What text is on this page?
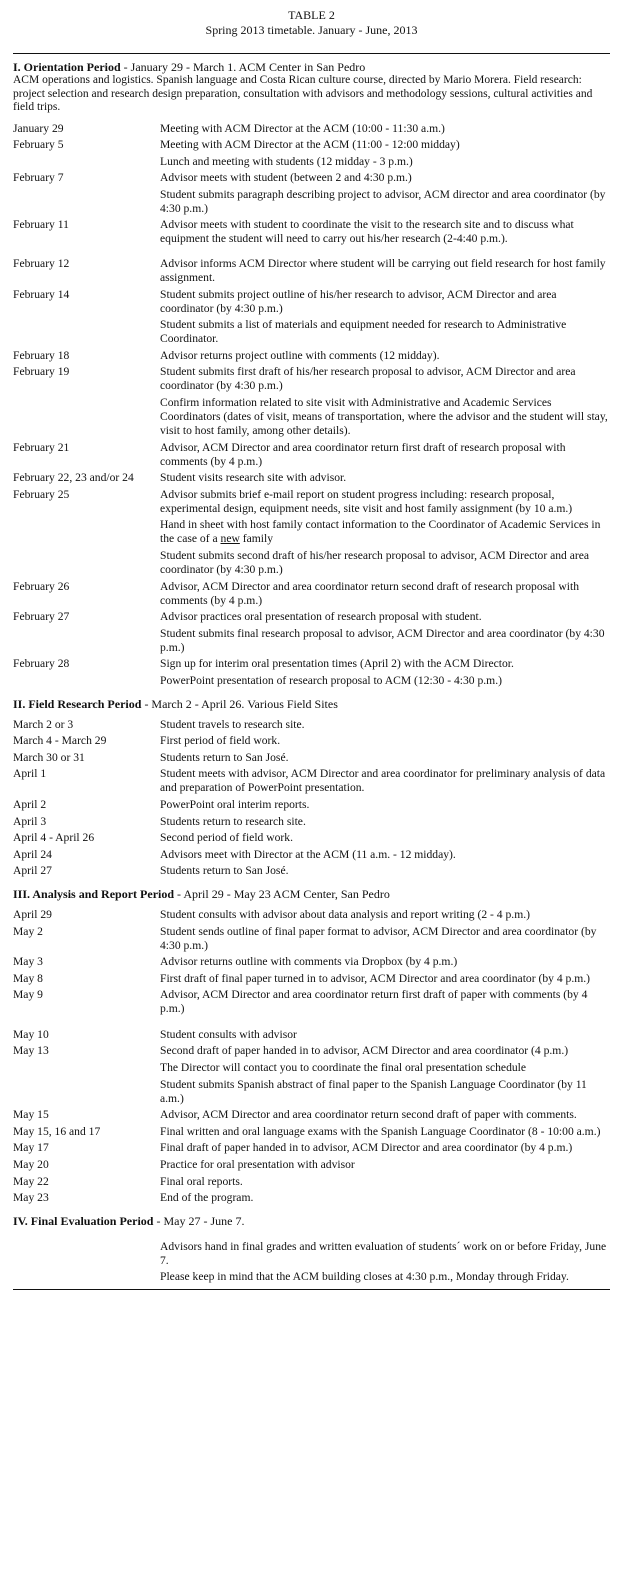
TABLE 2
Spring 2013 timetable. January - June, 2013
I. Orientation Period - January 29 - March 1. ACM Center in San Pedro
ACM operations and logistics. Spanish language and Costa Rican culture course, directed by Mario Morera. Field research: project selection and research design preparation, consultation with advisors and methodology sessions, cultural activities and field trips.
January 29	Meeting with ACM Director at the ACM (10:00 - 11:30 a.m.)
February 5	Meeting with ACM Director at the ACM (11:00 - 12:00 midday)
Lunch and meeting with students (12 midday - 3 p.m.)
February 7	Advisor meets with student (between 2 and 4:30 p.m.)
Student submits paragraph describing project to advisor, ACM director and area coordinator (by 4:30 p.m.)
February 11	Advisor meets with student to coordinate the visit to the research site and to discuss what equipment the student will need to carry out his/her research (2-4:40 p.m.).
February 12	Advisor informs ACM Director where student will be carrying out field research for host family assignment.
February 14	Student submits project outline of his/her research to advisor, ACM Director and area coordinator (by 4:30 p.m.)
Student submits a list of materials and equipment needed for research to Administrative Coordinator.
February 18	Advisor returns project outline with comments (12 midday).
February 19	Student submits first draft of his/her research proposal to advisor, ACM Director and area coordinator (by 4:30 p.m.)
Confirm information related to site visit with Administrative and Academic Services Coordinators (dates of visit, means of transportation, where the advisor and the student will stay, visit to host family, among other details).
February 21	Advisor, ACM Director and area coordinator return first draft of research proposal with comments (by 4 p.m.)
February 22, 23 and/or 24	Student visits research site with advisor.
February 25	Advisor submits brief e-mail report on student progress including: research proposal, experimental design, equipment needs, site visit and host family assignment (by 10 a.m.)
Hand in sheet with host family contact information to the Coordinator of Academic Services in the case of a new family
Student submits second draft of his/her research proposal to advisor, ACM Director and area coordinator (by 4:30 p.m.)
February 26	Advisor, ACM Director and area coordinator return second draft of research proposal with comments (by 4 p.m.)
February 27	Advisor practices oral presentation of research proposal with student.
Student submits final research proposal to advisor, ACM Director and area coordinator (by 4:30 p.m.)
February 28	Sign up for interim oral presentation times (April 2) with the ACM Director.
PowerPoint presentation of research proposal to ACM (12:30 - 4:30 p.m.)
II. Field Research Period - March 2 - April 26. Various Field Sites
March 2 or 3	Student travels to research site.
March 4 - March 29	First period of field work.
March 30 or 31	Students return to San José.
April 1	Student meets with advisor, ACM Director and area coordinator for preliminary analysis of data and preparation of PowerPoint presentation.
April 2	PowerPoint oral interim reports.
April 3	Students return to research site.
April 4 - April 26	Second period of field work.
April 24	Advisors meet with Director at the ACM (11 a.m. - 12 midday).
April 27	Students return to San José.
III. Analysis and Report Period - April 29 - May 23 ACM Center, San Pedro
April 29	Student consults with advisor about data analysis and report writing (2 - 4 p.m.)
May 2	Student sends outline of final paper format to advisor, ACM Director and area coordinator (by 4:30 p.m.)
May 3	Advisor returns outline with comments via Dropbox (by 4 p.m.)
May 8	First draft of final paper turned in to advisor, ACM Director and area coordinator (by 4 p.m.)
May 9	Advisor, ACM Director and area coordinator return first draft of paper with comments (by 4 p.m.)
May 10	Student consults with advisor
May 13	Second draft of paper handed in to advisor, ACM Director and area coordinator (4 p.m.)
The Director will contact you to coordinate the final oral presentation schedule
Student submits Spanish abstract of final paper to the Spanish Language Coordinator (by 11 a.m.)
May 15	Advisor, ACM Director and area coordinator return second draft of paper with comments.
May 15, 16 and 17	Final written and oral language exams with the Spanish Language Coordinator (8 - 10:00 a.m.)
May 17	Final draft of paper handed in to advisor, ACM Director and area coordinator (by 4 p.m.)
May 20	Practice for oral presentation with advisor
May 22	Final oral reports.
May 23	End of the program.
IV. Final Evaluation Period - May 27 - June 7.
Advisors hand in final grades and written evaluation of students´ work on or before Friday, June 7.
Please keep in mind that the ACM building closes at 4:30 p.m., Monday through Friday.
